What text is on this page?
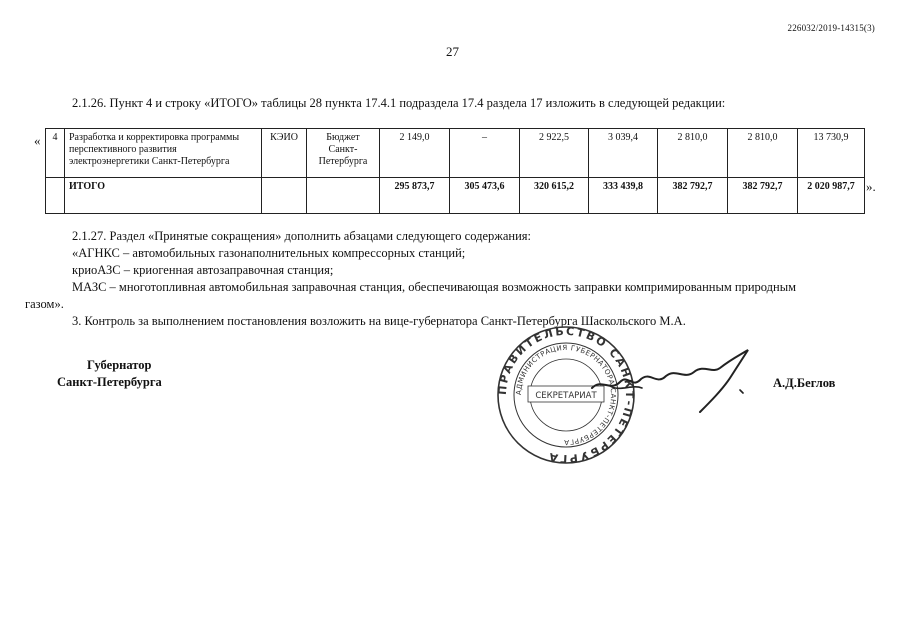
226032/2019-14315(3)
27
2.1.26. Пункт 4 и строку «ИТОГО» таблицы 28 пункта 17.4.1 подраздела 17.4 раздела 17 изложить в следующей редакции:
« 4	Разработка и корректировка программы перспективного развития электроэнергетики Санкт-Петербурга	КЭИО	Бюджет Санкт-Петербурга	2 149,0	–	2 922,5	3 039,4	2 810,0	2 810,0	13 730,9
	ИТОГО			295 873,7	305 473,6	320 615,2	333 439,8	382 792,7	382 792,7	2 020 987,7 ».
2.1.27. Раздел «Принятые сокращения» дополнить абзацами следующего содержания:
«АГНКС – автомобильных газонаполнительных компрессорных станций;
криоАЗС – криогенная автозаправочная станция;
МАЗС – многотопливная автомобильная заправочная станция, обеспечивающая возможность заправки компримированным природным
газом».
3. Контроль за выполнением постановления возложить на вице-губернатора Санкт-Петербурга Шаскольского М.А.
Губернатор
Санкт-Петербурга
ПРАВИТЕЛЬСТВО САНКТ-ПЕТЕРБУРГА
АДМИНИСТРАЦИЯ ГУБЕРНАТОРА САНКТ-ПЕТЕРБУРГА
СЕКРЕТАРИАТ
А.Д.Беглов
